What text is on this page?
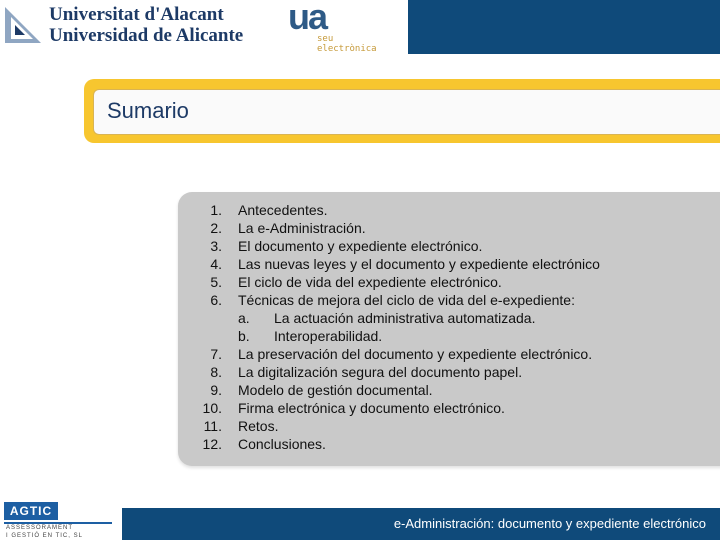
Universitat d'Alacant
Universidad de Alicante ua
seu electrònica
Sumario
1. Antecedentes.
2. La e-Administración.
3. El documento y expediente electrónico.
4. Las nuevas leyes y el documento y expediente electrónico
5. El ciclo de vida del expediente electrónico.
6. Técnicas de mejora del ciclo de vida del e-expediente:
a. La actuación administrativa automatizada.
b. Interoperabilidad.
7. La preservación del documento y expediente electrónico.
8. La digitalización segura del documento papel.
9. Modelo de gestión documental.
10. Firma electrónica y documento electrónico.
11. Retos.
12. Conclusiones.
AGTIC
ASSESSORAMENT
I GESTIÓ EN TIC, SL
e-Administración: documento y expediente electrónico
